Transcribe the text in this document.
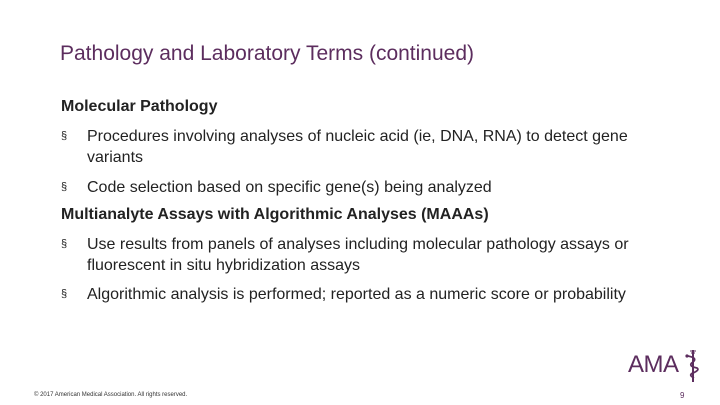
Pathology and Laboratory Terms (continued)
Molecular Pathology
§ Procedures involving analyses of nucleic acid (ie, DNA, RNA) to detect gene variants
§ Code selection based on specific gene(s) being analyzed
Multianalyte Assays with Algorithmic Analyses (MAAAs)
§ Use results from panels of analyses including molecular pathology assays or fluorescent in situ hybridization assays
§ Algorithmic analysis is performed; reported as a numeric score or probability
AMA
© 2017 American Medical Association. All rights reserved.	9
